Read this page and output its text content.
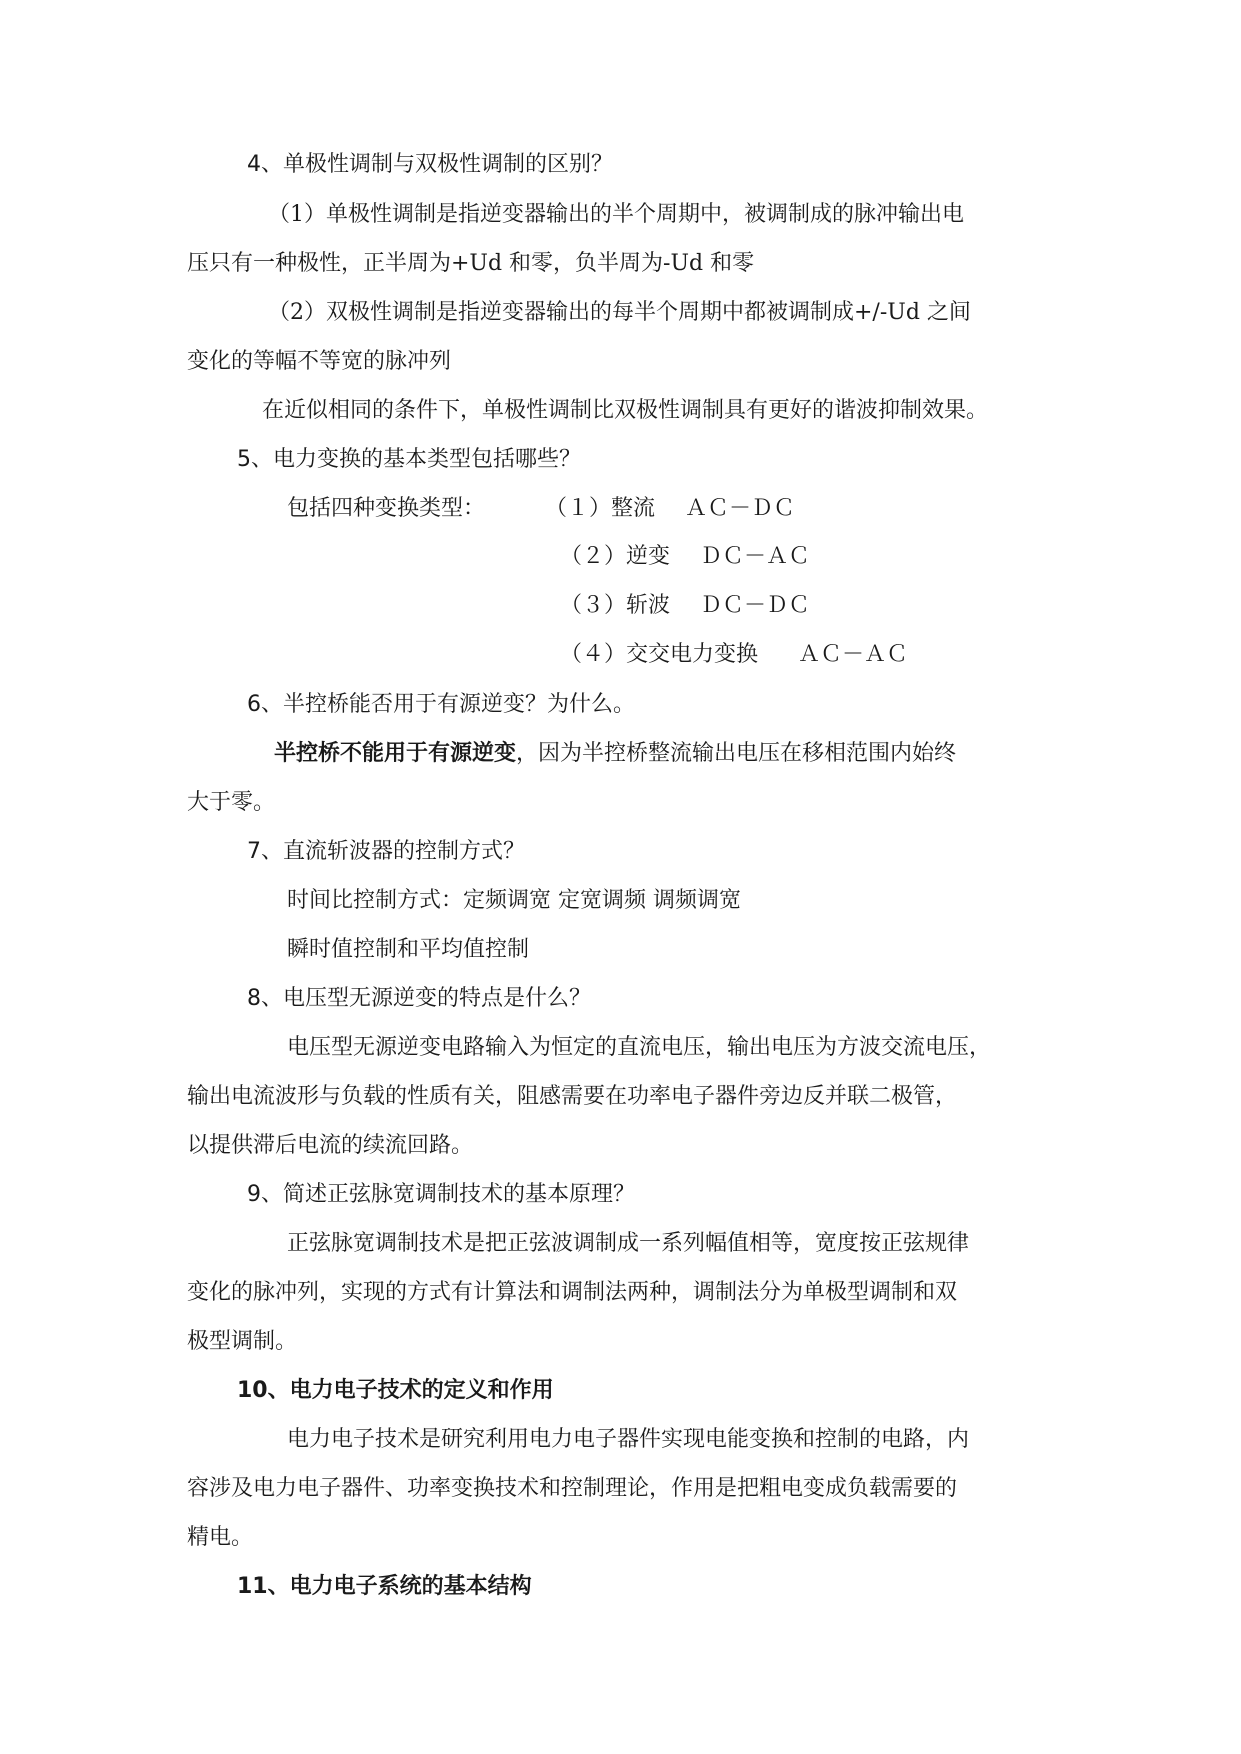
4、单极性调制与双极性调制的区别？
（1）单极性调制是指逆变器输出的半个周期中，被调制成的脉冲输出电
压只有一种极性，正半周为+Ud 和零，负半周为-Ud 和零
（2）双极性调制是指逆变器输出的每半个周期中都被调制成+/-Ud 之间
变化的等幅不等宽的脉冲列
在近似相同的条件下，单极性调制比双极性调制具有更好的谐波抑制效果。
5、电力变换的基本类型包括哪些？
包括四种变换类型：	（１）整流 ＡＣ－ＤＣ
（２）逆变 ＤＣ－ＡＣ
（３）斩波 ＤＣ－ＤＣ
（４）交交电力变换 ＡＣ－ＡＣ
6、半控桥能否用于有源逆变？为什么。
半控桥不能用于有源逆变，因为半控桥整流输出电压在移相范围内始终
大于零。
7、直流斩波器的控制方式？
时间比控制方式：定频调宽 定宽调频 调频调宽
瞬时值控制和平均值控制
8、电压型无源逆变的特点是什么？
电压型无源逆变电路输入为恒定的直流电压，输出电压为方波交流电压，
输出电流波形与负载的性质有关，阻感需要在功率电子器件旁边反并联二极管，
以提供滞后电流的续流回路。
9、简述正弦脉宽调制技术的基本原理？
正弦脉宽调制技术是把正弦波调制成一系列幅值相等，宽度按正弦规律
变化的脉冲列，实现的方式有计算法和调制法两种，调制法分为单极型调制和双
极型调制。
10、电力电子技术的定义和作用
电力电子技术是研究利用电力电子器件实现电能变换和控制的电路，内
容涉及电力电子器件、功率变换技术和控制理论，作用是把粗电变成负载需要的
精电。
11、电力电子系统的基本结构
